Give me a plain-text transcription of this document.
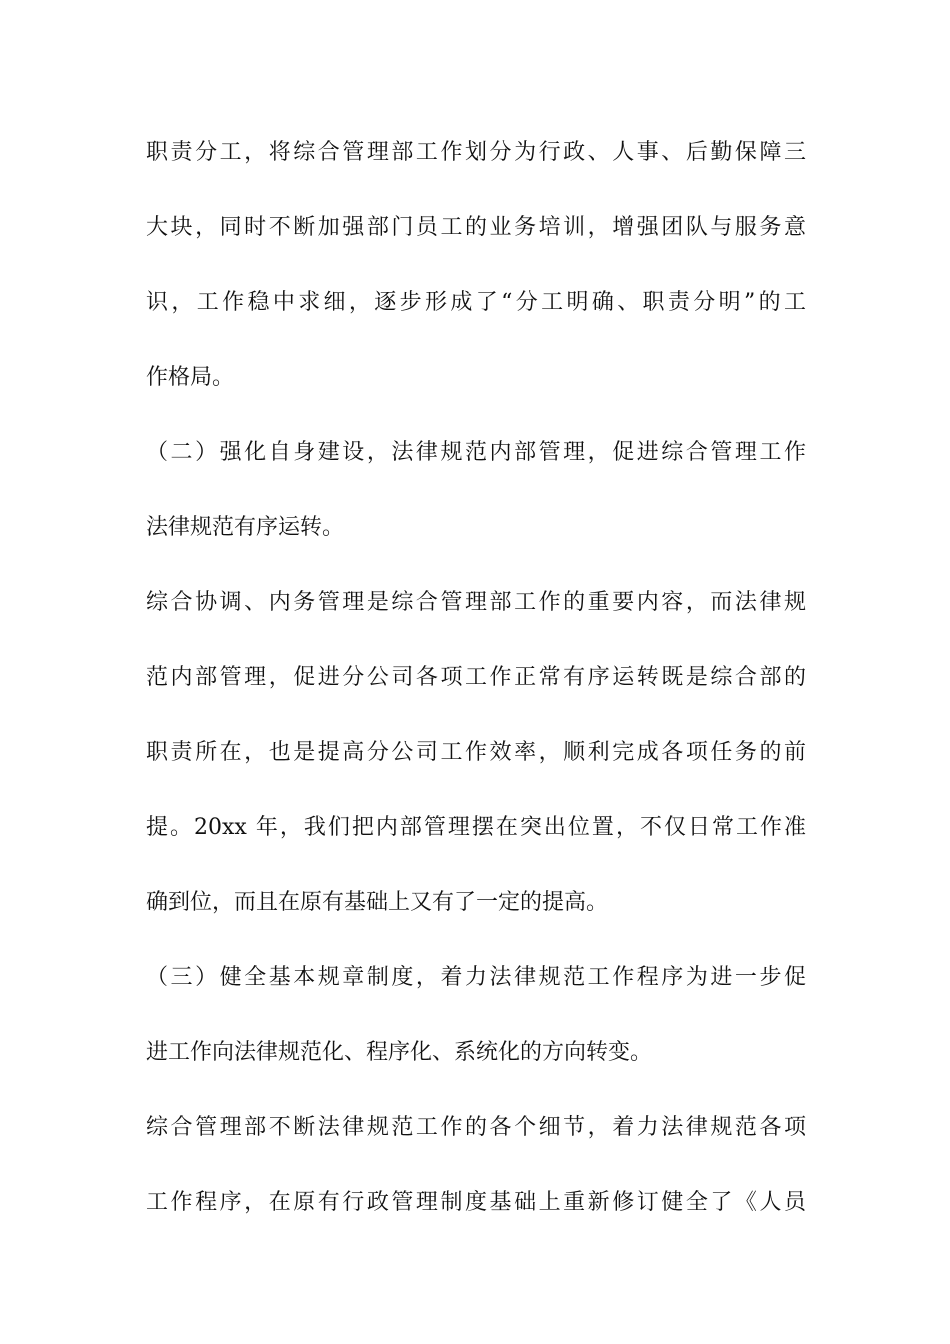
职责分工，将综合管理部工作划分为行政、人事、后勤保障三
大块，同时不断加强部门员工的业务培训，增强团队与服务意
识，工作稳中求细，逐步形成了“分工明确、职责分明”的工
作格局。
（二）强化自身建设，法律规范内部管理，促进综合管理工作
法律规范有序运转。
综合协调、内务管理是综合管理部工作的重要内容，而法律规
范内部管理，促进分公司各项工作正常有序运转既是综合部的
职责所在，也是提高分公司工作效率，顺利完成各项任务的前
提。20xx 年，我们把内部管理摆在突出位置，不仅日常工作准
确到位，而且在原有基础上又有了一定的提高。
（三）健全基本规章制度，着力法律规范工作程序为进一步促
进工作向法律规范化、程序化、系统化的方向转变。
综合管理部不断法律规范工作的各个细节，着力法律规范各项
工作程序，在原有行政管理制度基础上重新修订健全了《人员
